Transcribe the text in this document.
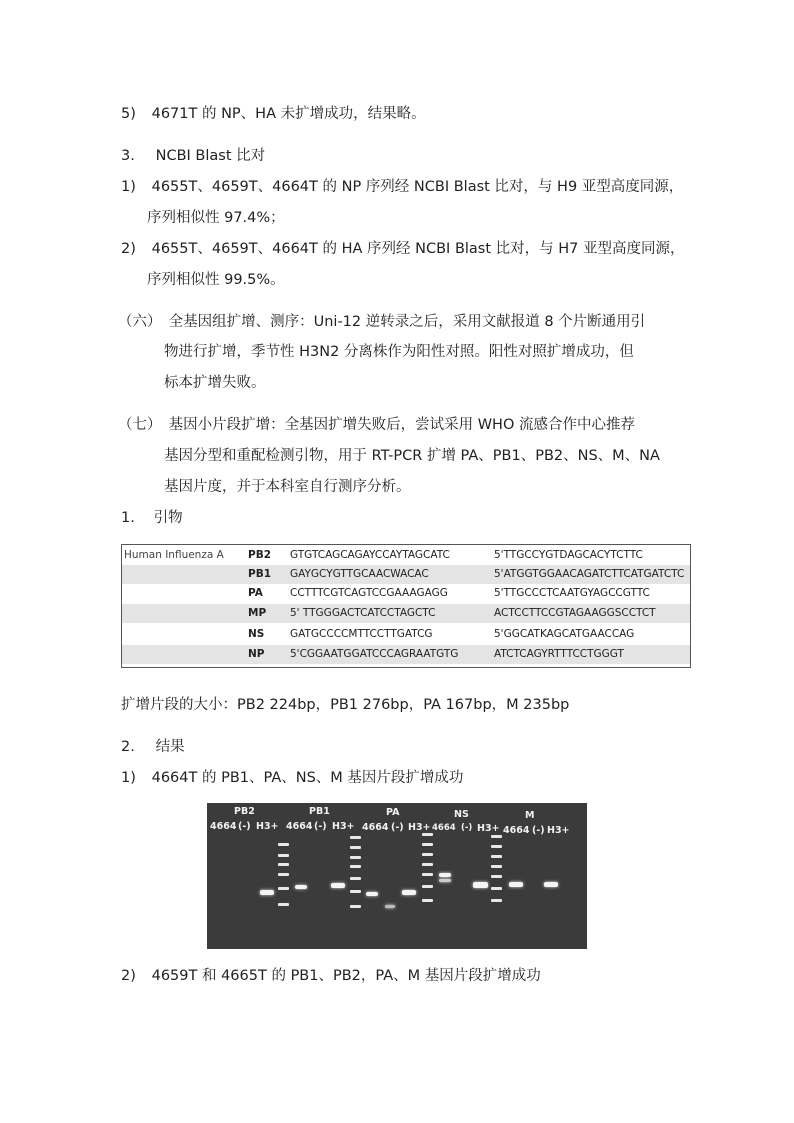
5) 4671T 的 NP、HA 未扩增成功，结果略。
3. NCBI Blast 比对
1) 4655T、4659T、4664T 的 NP 序列经 NCBI Blast 比对，与 H9 亚型高度同源，
序列相似性 97.4%；
2) 4655T、4659T、4664T 的 HA 序列经 NCBI Blast 比对，与 H7 亚型高度同源，
序列相似性 99.5%。
（六） 全基因组扩增、测序：Uni-12 逆转录之后，采用文献报道 8 个片断通用引
物进行扩增，季节性 H3N2 分离株作为阳性对照。阳性对照扩增成功，但
标本扩增失败。
（七） 基因小片段扩增：全基因扩增失败后，尝试采用 WHO 流感合作中心推荐
基因分型和重配检测引物，用于 RT-PCR 扩增 PA、PB1、PB2、NS、M、NA
基因片度，并于本科室自行测序分析。
1. 引物
Human Influenza A PB2 GTGTCAGCAGAYCCAYTAGCATC	5'TTGCCYGTDAGCACYTCTTC
PB1 GAYGCYGTTGCAACWACAC	5'ATGGTGGAACAGATCTTCATGATCTC
PA	CCTTTCGTCAGTCCGAAAGAGG	5'TTGCCCTCAATGYAGCCGTTC
MP 5' TTGGGACTCATCCTAGCTC	ACTCCTTCCGTAGAAGGSCCTCT
NS GATGCCCCMTTCCTTGATCG	5'GGCATKAGCATGAACCAG
NP 5'CGGAATGGATCCCAGRAATGTG	ATCTCAGYRTTTCCTGGGT
扩增片段的大小：PB2 224bp，PB1 276bp，PA 167bp，M 235bp
2. 结果
1) 4664T 的 PB1、PA、NS、M 基因片段扩增成功
PB2	PB1	PA	NS	M
4664 (-) H3+ 4664 (-) H3+ 4664 (-) H3+ 4664 (-) H3+ 4664 (-) H3+
2) 4659T 和 4665T 的 PB1、PB2，PA、M 基因片段扩增成功
